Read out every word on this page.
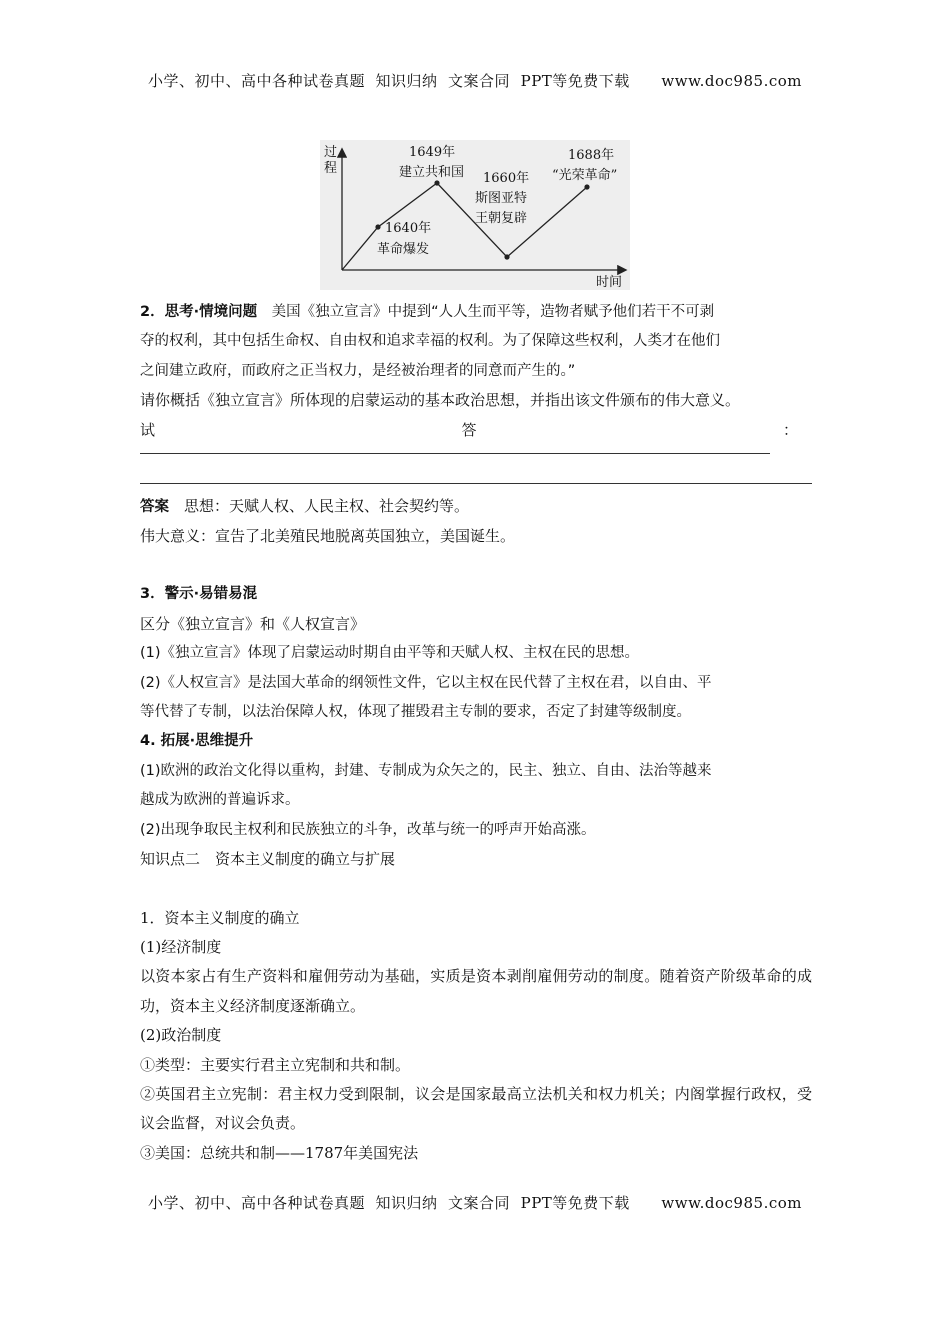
小学、初中、高中各种试卷真题  知识归纳  文案合同  PPT等免费下载      www.doc985.com
过
程
时间
1640年
革命爆发
1649年
建立共和国 1660年
斯图亚特
王朝复辟
1688年
“光荣革命”

2．思考·情境问题　美国《独立宣言》中提到“人人生而平等，造物者赋予他们若干不可剥

夺的权利，其中包括生命权、自由权和追求幸福的权利。为了保障这些权利，人类才在他们

之间建立政府，而政府之正当权力，是经被治理者的同意而产生的。”

请你概括《独立宣言》所体现的启蒙运动的基本政治思想，并指出该文件颁布的伟大意义。

试	答	：

答案　思想：天赋人权、人民主权、社会契约等。

伟大意义：宣告了北美殖民地脱离英国独立，美国诞生。

3．警示·易错易混

区分《独立宣言》和《人权宣言》

(1)《独立宣言》体现了启蒙运动时期自由平等和天赋人权、主权在民的思想。

(2)《人权宣言》是法国大革命的纲领性文件，它以主权在民代替了主权在君，以自由、平

等代替了专制，以法治保障人权，体现了摧毁君主专制的要求，否定了封建等级制度。

4. 拓展·思维提升

(1)欧洲的政治文化得以重构，封建、专制成为众矢之的，民主、独立、自由、法治等越来

越成为欧洲的普遍诉求。

(2)出现争取民主权利和民族独立的斗争，改革与统一的呼声开始高涨。

知识点二　资本主义制度的确立与扩展

1．资本主义制度的确立

(1)经济制度

以资本家占有生产资料和雇佣劳动为基础，实质是资本剥削雇佣劳动的制度。随着资产阶级革命的成功，资本主义经济制度逐渐确立。

(2)政治制度

①类型：主要实行君主立宪制和共和制。

②英国君主立宪制：君主权力受到限制，议会是国家最高立法机关和权力机关；内阁掌握行政权，受议会监督，对议会负责。

③美国：总统共和制——1787年美国宪法

小学、初中、高中各种试卷真题  知识归纳  文案合同  PPT等免费下载      www.doc985.com
